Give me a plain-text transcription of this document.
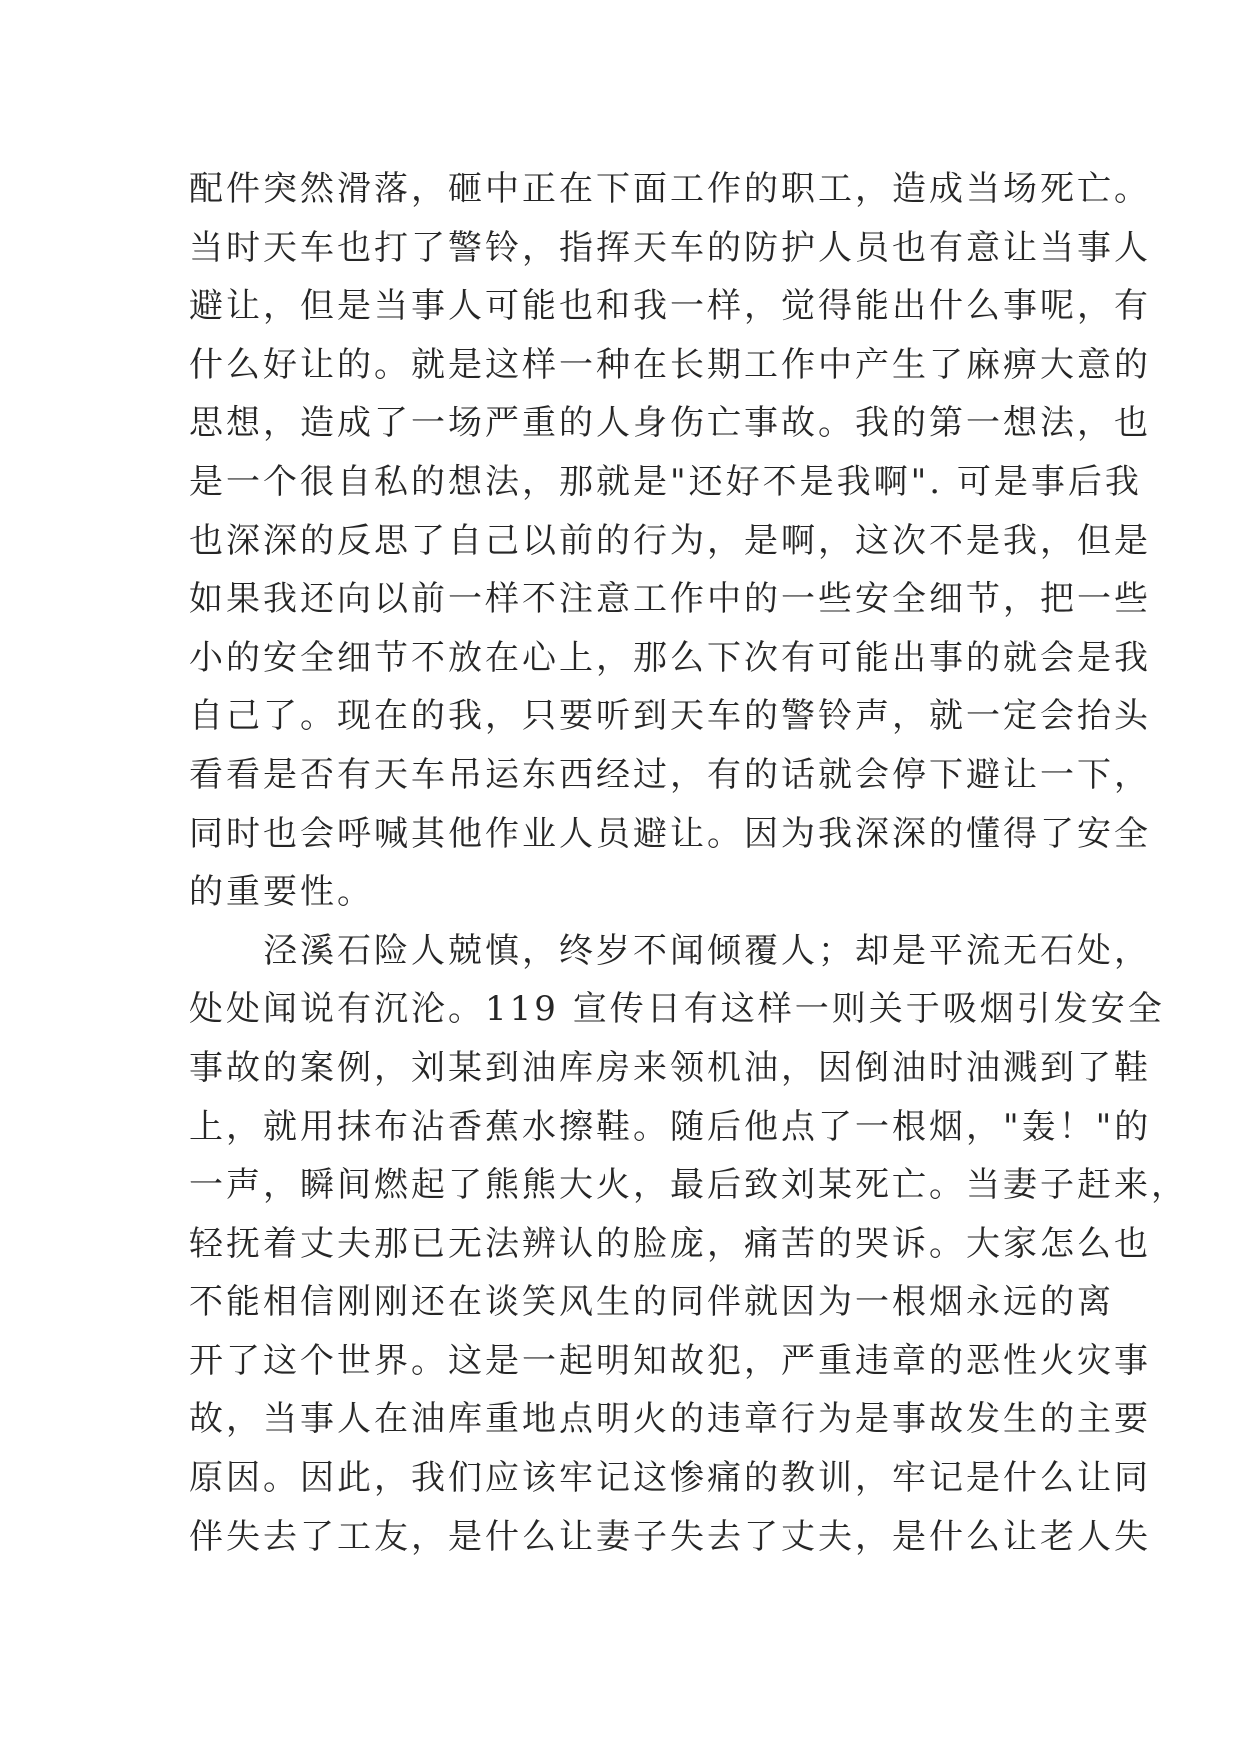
配件突然滑落，砸中正在下面工作的职工，造成当场死亡。
当时天车也打了警铃，指挥天车的防护人员也有意让当事人
避让，但是当事人可能也和我一样，觉得能出什么事呢，有
什么好让的。就是这样一种在长期工作中产生了麻痹大意的
思想，造成了一场严重的人身伤亡事故。我的第一想法，也
是一个很自私的想法，那就是"还好不是我啊". 可是事后我
也深深的反思了自己以前的行为，是啊，这次不是我，但是
如果我还向以前一样不注意工作中的一些安全细节，把一些
小的安全细节不放在心上，那么下次有可能出事的就会是我
自己了。现在的我，只要听到天车的警铃声，就一定会抬头
看看是否有天车吊运东西经过，有的话就会停下避让一下，
同时也会呼喊其他作业人员避让。因为我深深的懂得了安全
的重要性。
　　泾溪石险人兢慎，终岁不闻倾覆人；却是平流无石处，
处处闻说有沉沦。119 宣传日有这样一则关于吸烟引发安全
事故的案例，刘某到油库房来领机油，因倒油时油溅到了鞋
上，就用抹布沾香蕉水擦鞋。随后他点了一根烟，"轰！"的
一声，瞬间燃起了熊熊大火，最后致刘某死亡。当妻子赶来，
轻抚着丈夫那已无法辨认的脸庞，痛苦的哭诉。大家怎么也
不能相信刚刚还在谈笑风生的同伴就因为一根烟永远的离
开了这个世界。这是一起明知故犯，严重违章的恶性火灾事
故，当事人在油库重地点明火的违章行为是事故发生的主要
原因。因此，我们应该牢记这惨痛的教训，牢记是什么让同
伴失去了工友，是什么让妻子失去了丈夫，是什么让老人失
